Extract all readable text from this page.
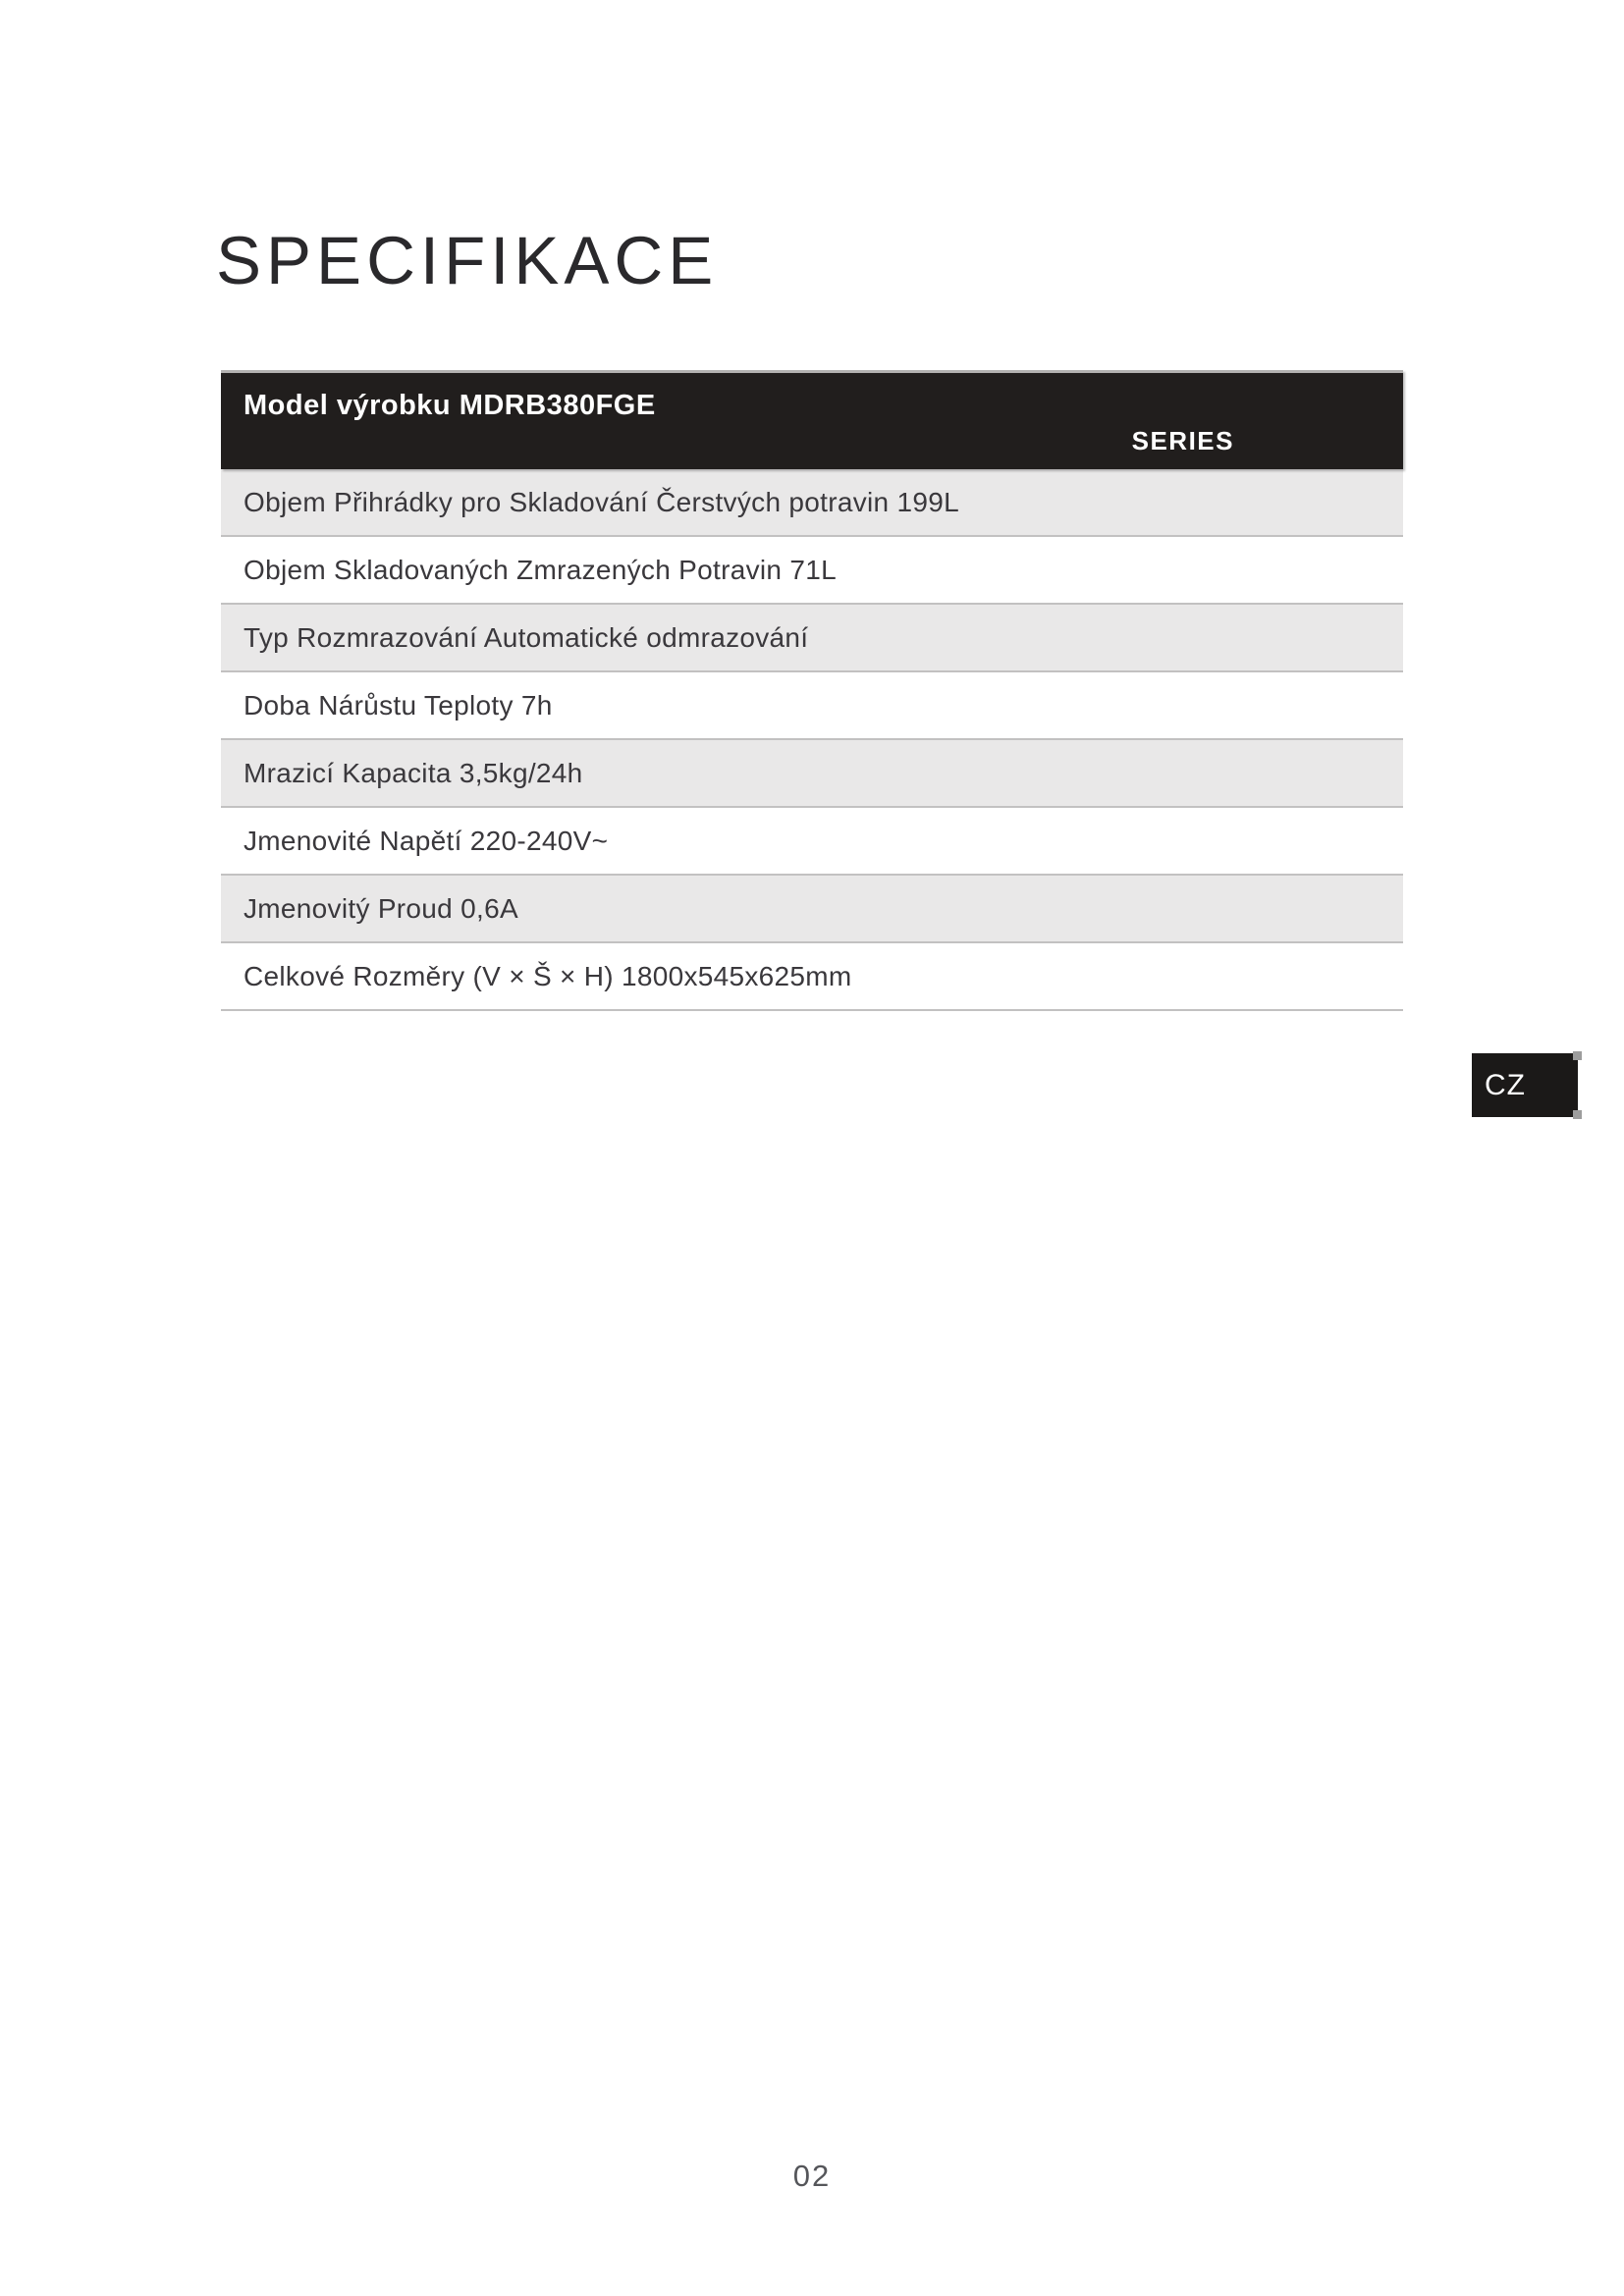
SPECIFIKACE
Model výrobku MDRB380FGE
SERIES
Objem Přihrádky pro Skladování Čerstvých potravin 199L
Objem Skladovaných Zmrazených Potravin 71L
Typ Rozmrazování Automatické odmrazování
Doba Nárůstu Teploty 7h
Mrazicí Kapacita 3,5kg/24h
Jmenovité Napětí 220-240V~
Jmenovitý Proud 0,6A
Celkové Rozměry (V × Š × H) 1800x545x625mm
CZ
02
